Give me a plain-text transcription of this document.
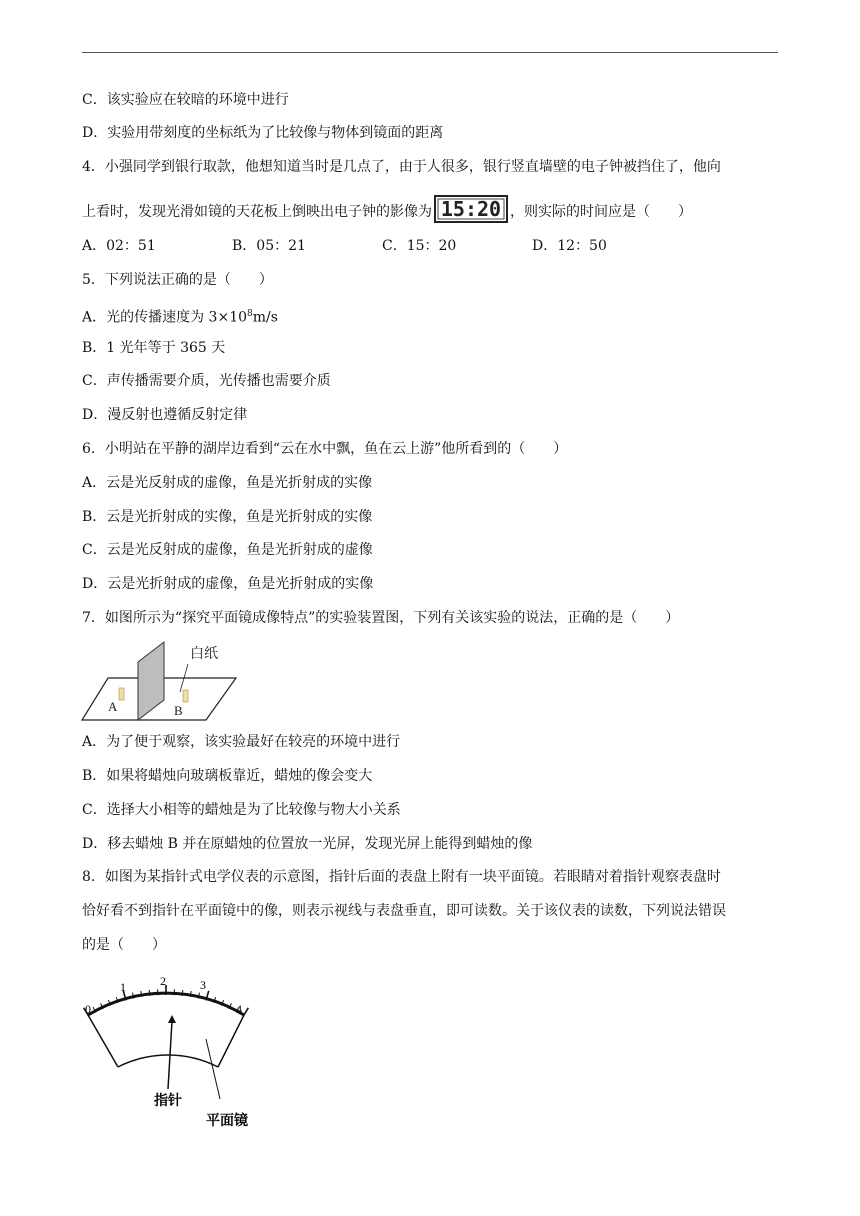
C．该实验应在较暗的环境中进行
D．实验用带刻度的坐标纸为了比较像与物体到镜面的距离
4．小强同学到银行取款，他想知道当时是几点了，由于人很多，银行竖直墙壁的电子钟被挡住了，他向
上看时，发现光滑如镜的天花板上倒映出电子钟的影像为 15:20 ，则实际的时间应是（　　）
A．02：51	B．05：21	C．15：20	D．12：50
5．下列说法正确的是（　　）
A．光的传播速度为 $3\times 10^8m/s$
B．1 光年等于 365 天
C．声传播需要介质，光传播也需要介质
D．漫反射也遵循反射定律
6．小明站在平静的湖岸边看到“云在水中飘，鱼在云上游”他所看到的（　　）
A．云是光反射成的虚像，鱼是光折射成的实像
B．云是光折射成的实像，鱼是光折射成的实像
C．云是光反射成的虚像，鱼是光折射成的虚像
D．云是光折射成的虚像，鱼是光折射成的实像
7．如图所示为“探究平面镜成像特点”的实验装置图，下列有关该实验的说法，正确的是（　　）
白纸
A	B
A．为了便于观察，该实验最好在较亮的环境中进行
B．如果将蜡烛向玻璃板靠近，蜡烛的像会变大
C．选择大小相等的蜡烛是为了比较像与物大小关系
D．移去蜡烛 B 并在原蜡烛的位置放一光屏，发现光屏上能得到蜡烛的像
8．如图为某指针式电学仪表的示意图，指针后面的表盘上附有一块平面镜。若眼睛对着指针观察表盘时
恰好看不到指针在平面镜中的像，则表示视线与表盘垂直，即可读数。关于该仪表的读数，下列说法错误
的是（　　）
0
1	2	3
4
指针
平面镜
